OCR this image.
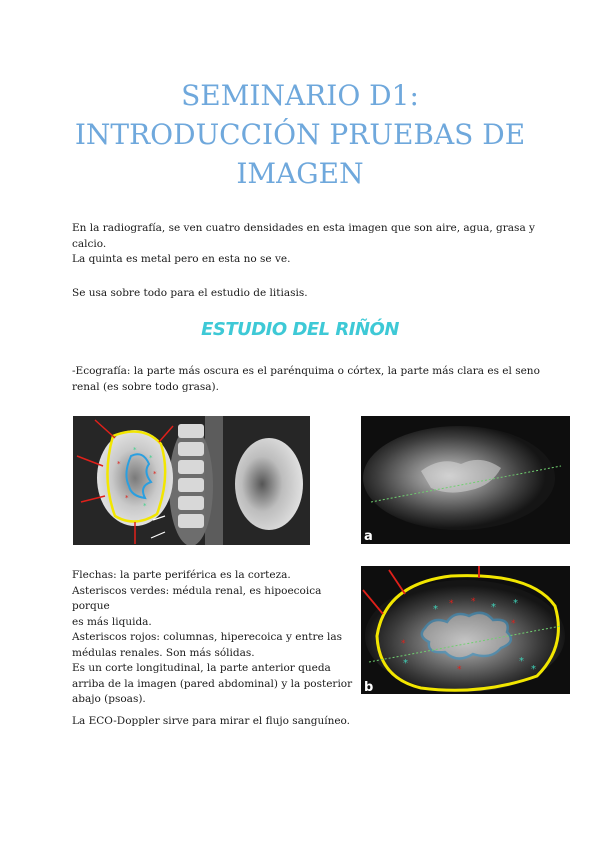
SEMINARIO D1:
INTRODUCCIÓN PRUEBAS DE
IMAGEN
En la radiografía, se ven cuatro densidades en esta imagen que son aire, agua, grasa y
calcio.
La quinta es metal pero en esta no se ve.
Se usa sobre todo para el estudio de litiasis.
ESTUDIO DEL RIÑÓN
-Ecografía: la parte más oscura es el parénquima o córtex, la parte más clara es el seno
renal (es sobre todo grasa).
*
*
*
*
*
*
a
* *
*
*
*
*	* *
*
*
*
b
Flechas: la parte periférica es la corteza.
Asteriscos verdes: médula renal, es hipoecoica porque
es más liquida.
Asteriscos rojos: columnas, hiperecoica y entre las
médulas renales. Son más sólidas.
Es un corte longitudinal, la parte anterior queda
arriba de la imagen (pared abdominal) y la posterior
abajo (psoas).
La ECO-Doppler sirve para mirar el flujo sanguíneo.
